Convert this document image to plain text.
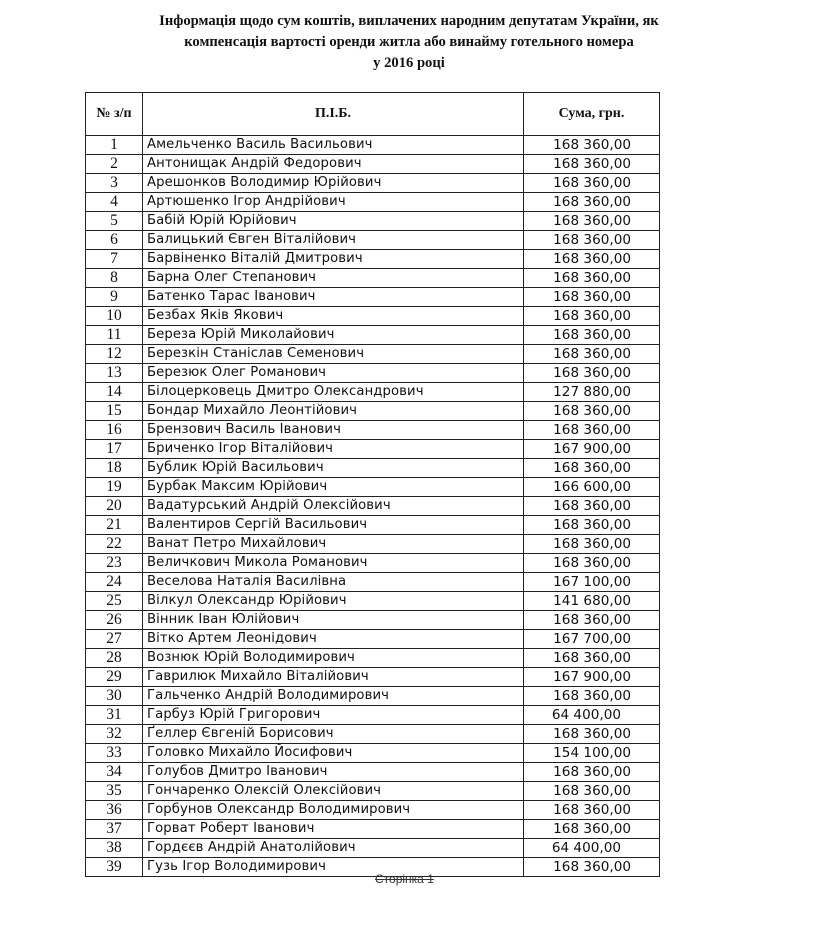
Інформація щодо сум коштів, виплачених народним депутатам України, як
компенсація вартості оренди житла або винайму готельного номера
у 2016 році
№ з/п	П.І.Б.	Сума, грн.
1	Амельченко Василь Васильович	168 360,00
2	Антонищак Андрій Федорович	168 360,00
3	Арешонков Володимир Юрійович	168 360,00
4	Артюшенко Ігор Андрійович	168 360,00
5	Бабій Юрій Юрійович	168 360,00
6	Балицький Євген Віталійович	168 360,00
7	Барвіненко Віталій Дмитрович	168 360,00
8	Барна Олег Степанович	168 360,00
9	Батенко Тарас Іванович	168 360,00
10	Безбах Яків Якович	168 360,00
11	Береза Юрій Миколайович	168 360,00
12	Березкін Станіслав Семенович	168 360,00
13	Березюк Олег Романович	168 360,00
14	Білоцерковець Дмитро Олександрович	127 880,00
15	Бондар Михайло Леонтійович	168 360,00
16	Брензович Василь Іванович	168 360,00
17	Бриченко Ігор Віталійович	167 900,00
18	Бублик Юрій Васильович	168 360,00
19	Бурбак Максим Юрійович	166 600,00
20	Вадатурський Андрій Олексійович	168 360,00
21	Валентиров Сергій Васильович	168 360,00
22	Ванат Петро Михайлович	168 360,00
23	Величкович Микола Романович	168 360,00
24	Веселова Наталія Василівна	167 100,00
25	Вілкул Олександр Юрійович	141 680,00
26	Вінник Іван Юлійович	168 360,00
27	Вітко Артем Леонідович	167 700,00
28	Вознюк Юрій Володимирович	168 360,00
29	Гаврилюк Михайло Віталійович	167 900,00
30	Гальченко Андрій Володимирович	168 360,00
31	Гарбуз Юрій Григорович	64 400,00
32	Ґеллер Євгеній Борисович	168 360,00
33	Головко Михайло Йосифович	154 100,00
34	Голубов Дмитро Іванович	168 360,00
35	Гончаренко Олексій Олексійович	168 360,00
36	Горбунов Олександр Володимирович	168 360,00
37	Горват Роберт Іванович	168 360,00
38	Гордєєв Андрій Анатолійович	64 400,00
39	Гузь Ігор Володимирович	168 360,00
Сторінка 1
